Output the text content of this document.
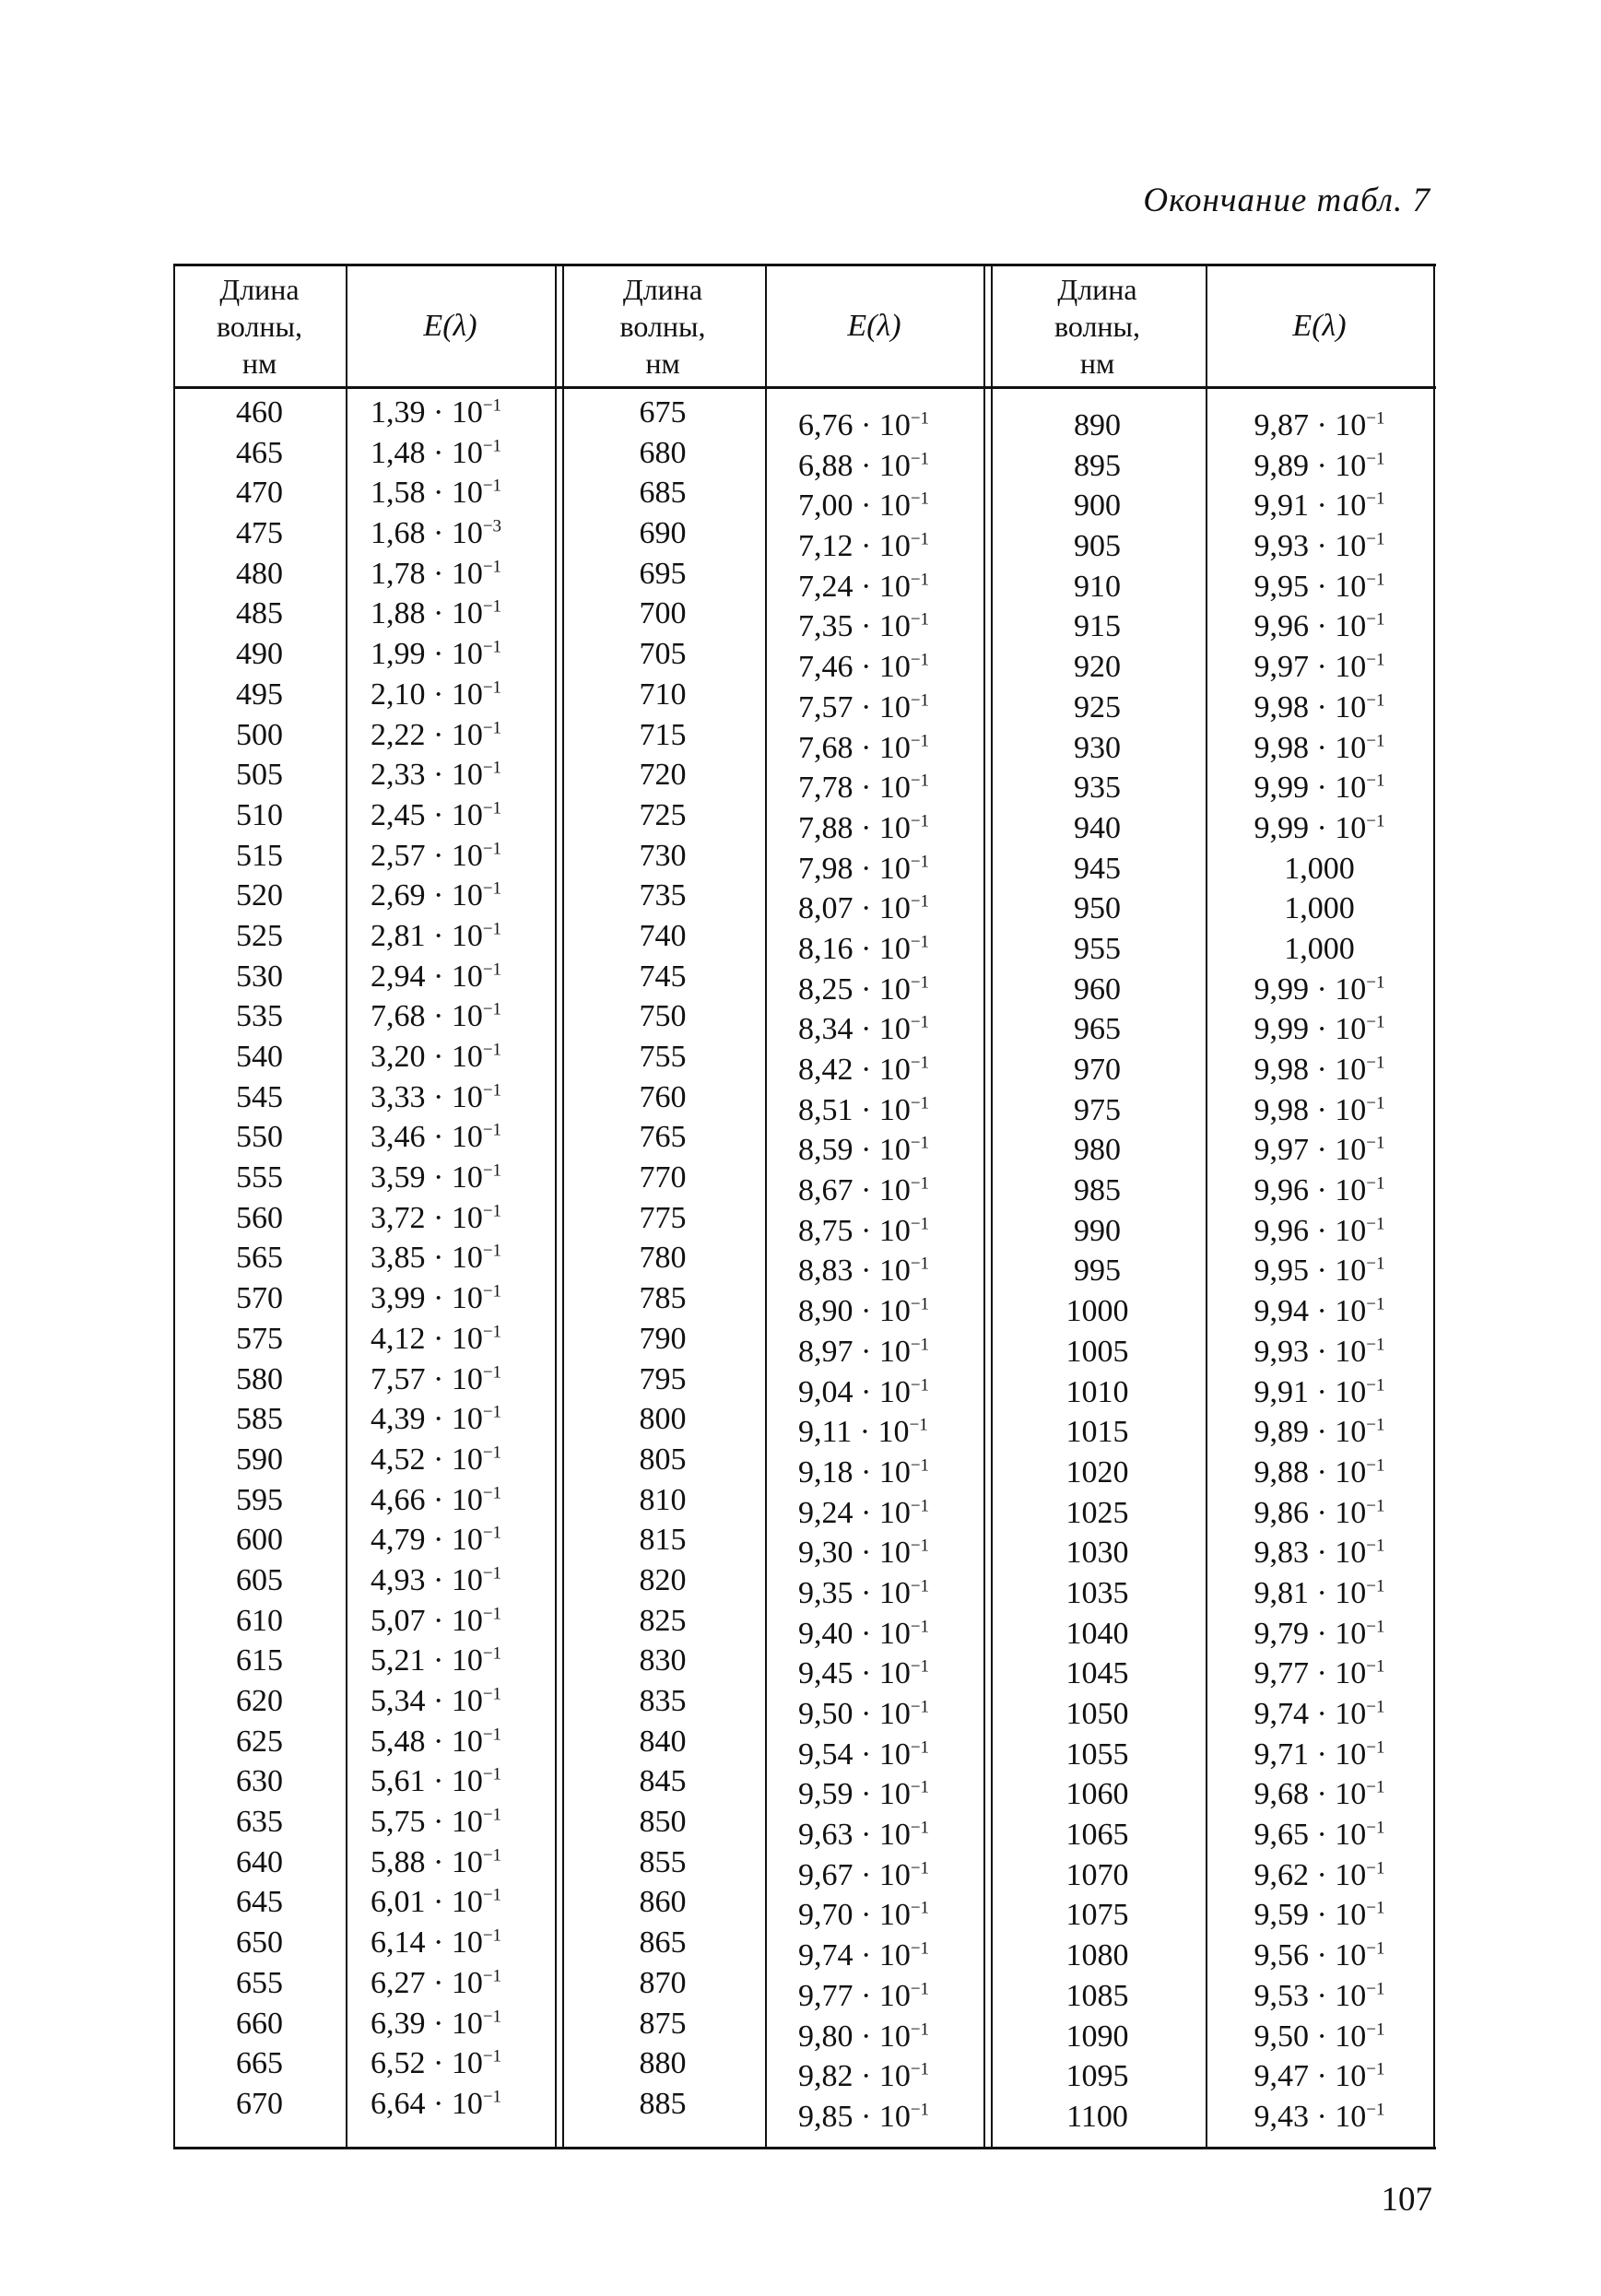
Окончание табл. 7
Длина
волны,
нм
E(λ)
Длина
волны,
нм
E(λ)
Длина
волны,
нм
E(λ)
460
465
470
475
480
485
490
495
500
505
510
515
520
525
530
535
540
545
550
555
560
565
570
575
580
585
590
595
600
605
610
615
620
625
630
635
640
645
650
655
660
665
670
$1,39 \cdot 10^{-1}$
$1,48 \cdot 10^{-1}$
$1,58 \cdot 10^{-1}$
$1,68 \cdot 10^{-3}$
$1,78 \cdot 10^{-1}$
$1,88 \cdot 10^{-1}$
$1,99 \cdot 10^{-1}$
$2,10 \cdot 10^{-1}$
$2,22 \cdot 10^{-1}$
$2,33 \cdot 10^{-1}$
$2,45 \cdot 10^{-1}$
$2,57 \cdot 10^{-1}$
$2,69 \cdot 10^{-1}$
$2,81 \cdot 10^{-1}$
$2,94 \cdot 10^{-1}$
$7,68 \cdot 10^{-1}$
$3,20 \cdot 10^{-1}$
$3,33 \cdot 10^{-1}$
$3,46 \cdot 10^{-1}$
$3,59 \cdot 10^{-1}$
$3,72 \cdot 10^{-1}$
$3,85 \cdot 10^{-1}$
$3,99 \cdot 10^{-1}$
$4,12 \cdot 10^{-1}$
$7,57 \cdot 10^{-1}$
$4,39 \cdot 10^{-1}$
$4,52 \cdot 10^{-1}$
$4,66 \cdot 10^{-1}$
$4,79 \cdot 10^{-1}$
$4,93 \cdot 10^{-1}$
$5,07 \cdot 10^{-1}$
$5,21 \cdot 10^{-1}$
$5,34 \cdot 10^{-1}$
$5,48 \cdot 10^{-1}$
$5,61 \cdot 10^{-1}$
$5,75 \cdot 10^{-1}$
$5,88 \cdot 10^{-1}$
$6,01 \cdot 10^{-1}$
$6,14 \cdot 10^{-1}$
$6,27 \cdot 10^{-1}$
$6,39 \cdot 10^{-1}$
$6,52 \cdot 10^{-1}$
$6,64 \cdot 10^{-1}$
675
680
685
690
695
700
705
710
715
720
725
730
735
740
745
750
755
760
765
770
775
780
785
790
795
800
805
810
815
820
825
830
835
840
845
850
855
860
865
870
875
880
885
$6,76 \cdot 10^{-1}$
$6,88 \cdot 10^{-1}$
$7,00 \cdot 10^{-1}$
$7,12 \cdot 10^{-1}$
$7,24 \cdot 10^{-1}$
$7,35 \cdot 10^{-1}$
$7,46 \cdot 10^{-1}$
$7,57 \cdot 10^{-1}$
$7,68 \cdot 10^{-1}$
$7,78 \cdot 10^{-1}$
$7,88 \cdot 10^{-1}$
$7,98 \cdot 10^{-1}$
$8,07 \cdot 10^{-1}$
$8,16 \cdot 10^{-1}$
$8,25 \cdot 10^{-1}$
$8,34 \cdot 10^{-1}$
$8,42 \cdot 10^{-1}$
$8,51 \cdot 10^{-1}$
$8,59 \cdot 10^{-1}$
$8,67 \cdot 10^{-1}$
$8,75 \cdot 10^{-1}$
$8,83 \cdot 10^{-1}$
$8,90 \cdot 10^{-1}$
$8,97 \cdot 10^{-1}$
$9,04 \cdot 10^{-1}$
$9,11 \cdot 10^{-1}$
$9,18 \cdot 10^{-1}$
$9,24 \cdot 10^{-1}$
$9,30 \cdot 10^{-1}$
$9,35 \cdot 10^{-1}$
$9,40 \cdot 10^{-1}$
$9,45 \cdot 10^{-1}$
$9,50 \cdot 10^{-1}$
$9,54 \cdot 10^{-1}$
$9,59 \cdot 10^{-1}$
$9,63 \cdot 10^{-1}$
$9,67 \cdot 10^{-1}$
$9,70 \cdot 10^{-1}$
$9,74 \cdot 10^{-1}$
$9,77 \cdot 10^{-1}$
$9,80 \cdot 10^{-1}$
$9,82 \cdot 10^{-1}$
$9,85 \cdot 10^{-1}$
890
895
900
905
910
915
920
925
930
935
940
945
950
955
960
965
970
975
980
985
990
995
1000
1005
1010
1015
1020
1025
1030
1035
1040
1045
1050
1055
1060
1065
1070
1075
1080
1085
1090
1095
1100
$9,87 \cdot 10^{-1}$
$9,89 \cdot 10^{-1}$
$9,91 \cdot 10^{-1}$
$9,93 \cdot 10^{-1}$
$9,95 \cdot 10^{-1}$
$9,96 \cdot 10^{-1}$
$9,97 \cdot 10^{-1}$
$9,98 \cdot 10^{-1}$
$9,98 \cdot 10^{-1}$
$9,99 \cdot 10^{-1}$
$9,99 \cdot 10^{-1}$
1,000
1,000
1,000
$9,99 \cdot 10^{-1}$
$9,99 \cdot 10^{-1}$
$9,98 \cdot 10^{-1}$
$9,98 \cdot 10^{-1}$
$9,97 \cdot 10^{-1}$
$9,96 \cdot 10^{-1}$
$9,96 \cdot 10^{-1}$
$9,95 \cdot 10^{-1}$
$9,94 \cdot 10^{-1}$
$9,93 \cdot 10^{-1}$
$9,91 \cdot 10^{-1}$
$9,89 \cdot 10^{-1}$
$9,88 \cdot 10^{-1}$
$9,86 \cdot 10^{-1}$
$9,83 \cdot 10^{-1}$
$9,81 \cdot 10^{-1}$
$9,79 \cdot 10^{-1}$
$9,77 \cdot 10^{-1}$
$9,74 \cdot 10^{-1}$
$9,71 \cdot 10^{-1}$
$9,68 \cdot 10^{-1}$
$9,65 \cdot 10^{-1}$
$9,62 \cdot 10^{-1}$
$9,59 \cdot 10^{-1}$
$9,56 \cdot 10^{-1}$
$9,53 \cdot 10^{-1}$
$9,50 \cdot 10^{-1}$
$9,47 \cdot 10^{-1}$
$9,43 \cdot 10^{-1}$
107
